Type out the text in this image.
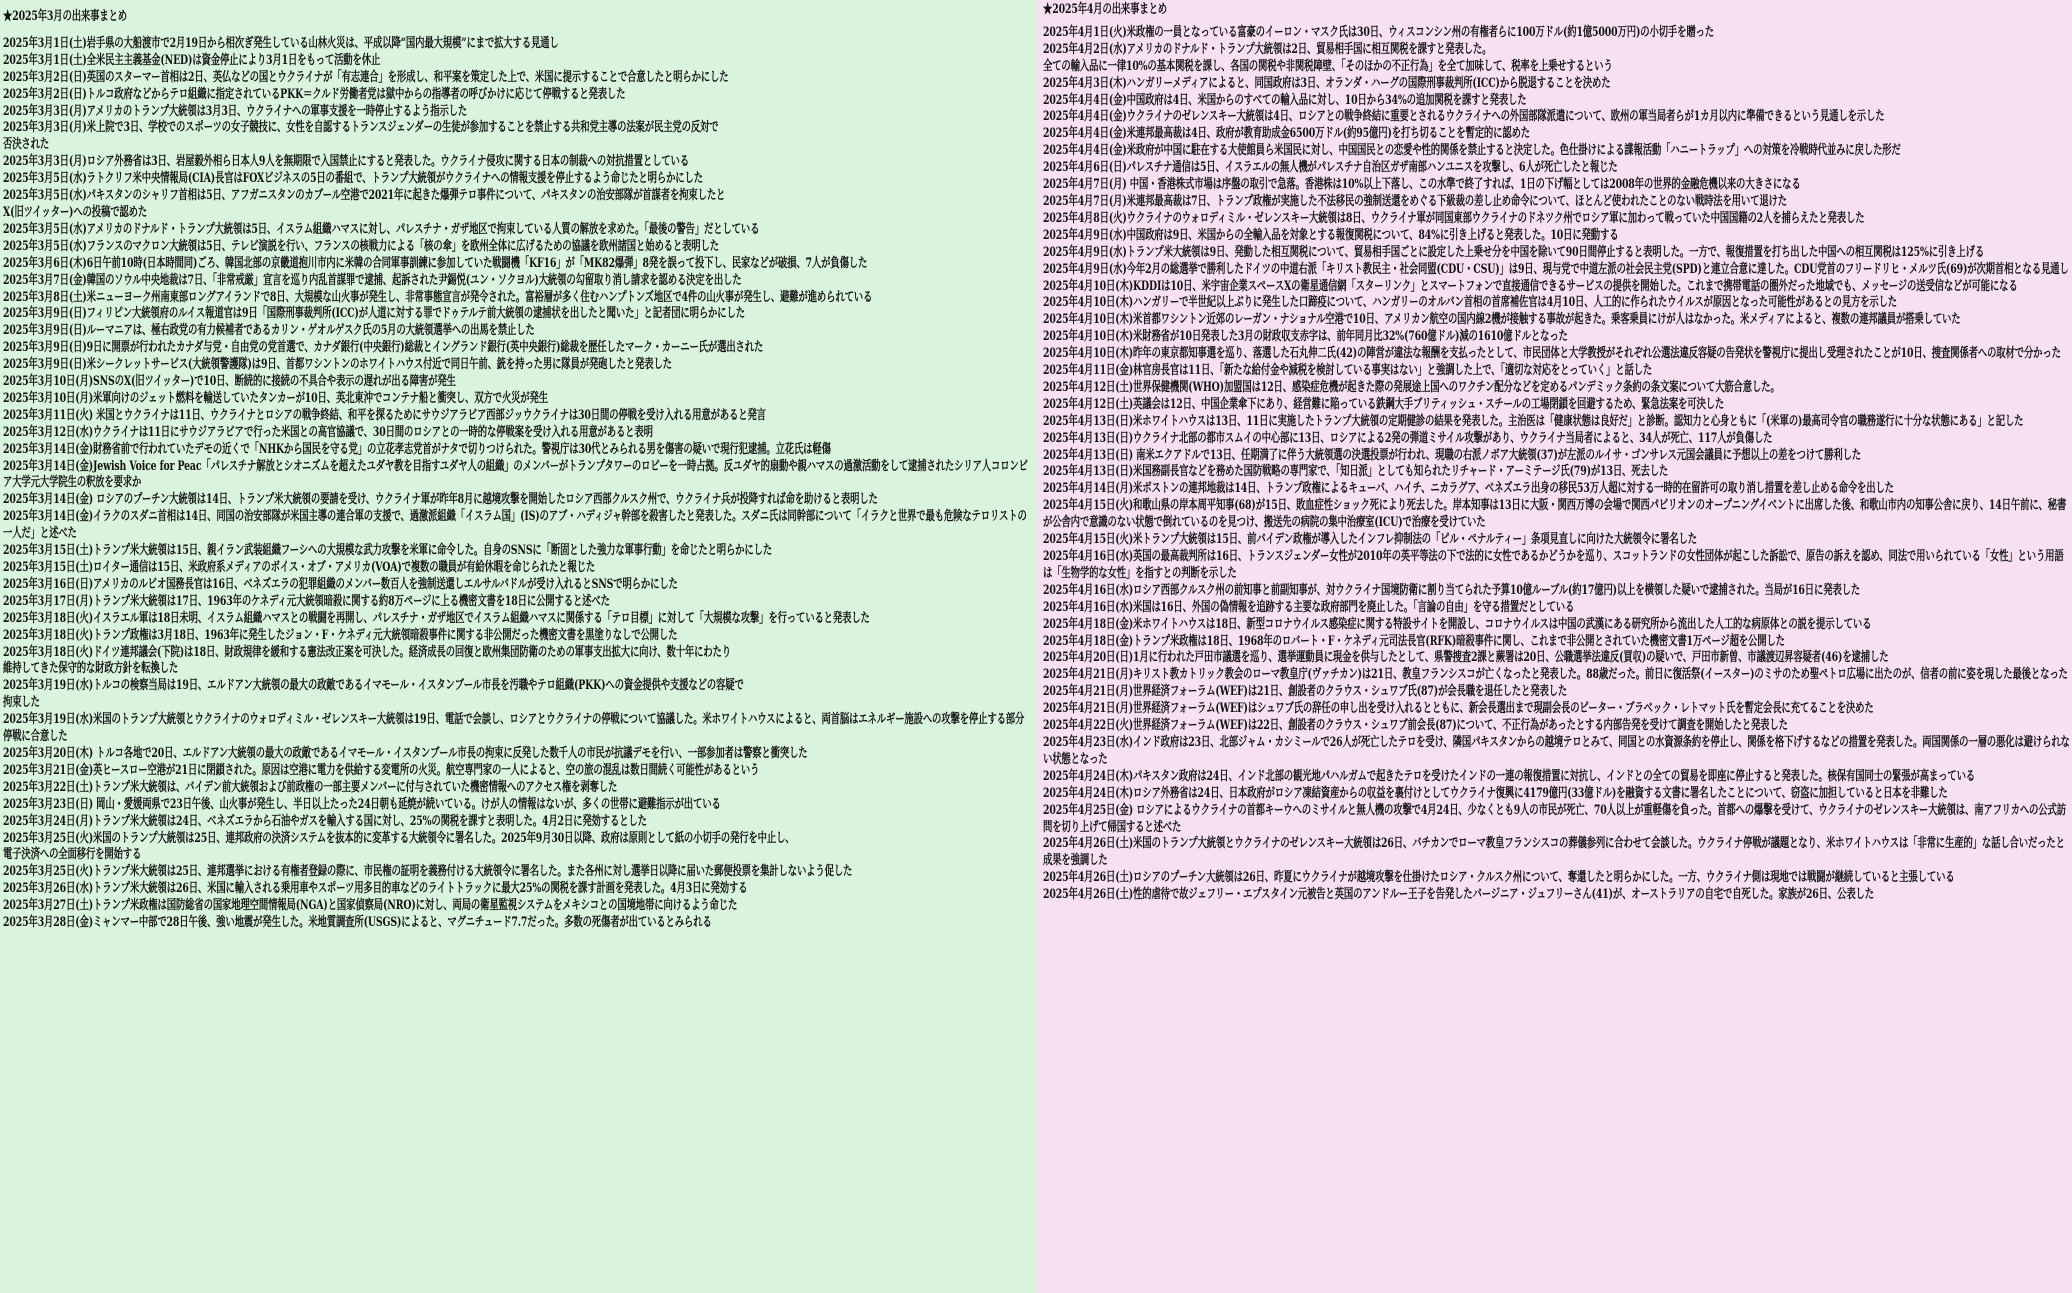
★2025年3月の出来事まとめ

2025年3月1日(土)岩手県の大船渡市で2月19日から相次ぎ発生している山林火災は、平成以降“国内最大規模”にまで拡大する見通し

2025年3月1日(土)全米民主主義基金(NED)は資金停止により3月1日をもって活動を休止

2025年3月2日(日)英国のスターマー首相は2日、英仏などの国とウクライナが「有志連合」を形成し、和平案を策定した上で、米国に提示することで合意したと明らかにした

2025年3月2日(日)トルコ政府などからテロ組織に指定されているPKK＝クルド労働者党は獄中からの指導者の呼びかけに応じて停戦すると発表した

2025年3月3日(月)アメリカのトランプ大統領は3月3日、ウクライナへの軍事支援を一時停止するよう指示した

2025年3月3日(月)米上院で3日、学校でのスポーツの女子競技に、女性を自認するトランスジェンダーの生徒が参加することを禁止する共和党主導の法案が民主党の反対で
否決された

2025年3月3日(月)ロシア外務省は3日、岩屋毅外相ら日本人9人を無期限で入国禁止にすると発表した。ウクライナ侵攻に関する日本の制裁への対抗措置としている

2025年3月5日(水)ラトクリフ米中央情報局(CIA)長官はFOXビジネスの5日の番組で、トランプ大統領がウクライナへの情報支援を停止するよう命じたと明らかにした

2025年3月5日(水)パキスタンのシャリフ首相は5日、アフガニスタンのカブール空港で2021年に起きた爆弾テロ事件について、パキスタンの治安部隊が首謀者を拘束したと
X(旧ツイッター)への投稿で認めた

2025年3月5日(水)アメリカのドナルド・トランプ大統領は5日、イスラム組織ハマスに対し、パレスチナ・ガザ地区で拘束している人質の解放を求めた。「最後の警告」だとしている

2025年3月5日(水)フランスのマクロン大統領は5日、テレビ演説を行い、フランスの核戦力による「核の傘」を欧州全体に広げるための協議を欧州諸国と始めると表明した

2025年3月6日(木)6日午前10時(日本時間同)ごろ、韓国北部の京畿道抱川市内に米韓の合同軍事訓練に参加していた戦闘機「KF16」が「MK82爆弾」8発を誤って投下し、民家などが破損、7人が負傷した

2025年3月7日(金)韓国のソウル中央地裁は7日、「非常戒厳」宣言を巡り内乱首謀罪で逮捕、起訴された尹錫悦(ユン・ソクヨル)大統領の勾留取り消し請求を認める決定を出した

2025年3月8日(土)米ニューヨーク州南東部ロングアイランドで8日、大規模な山火事が発生し、非常事態宣言が発令された。富裕層が多く住むハンプトンズ地区で4件の山火事が発生し、避難が進められている

2025年3月9日(日)フィリピン大統領府のルイス報道官は9日「国際刑事裁判所(ICC)が人道に対する罪でドゥテルテ前大統領の逮捕状を出したと聞いた」と記者団に明らかにした

2025年3月9日(日)ルーマニアは、極右政党の有力候補者であるカリン・ゲオルゲスク氏の5月の大統領選挙への出馬を禁止した

2025年3月9日(日)9日に開票が行われたカナダ与党・自由党の党首選で、カナダ銀行(中央銀行)総裁とイングランド銀行(英中央銀行)総裁を歴任したマーク・カーニー氏が選出された

2025年3月9日(日)米シークレットサービス(大統領警護隊)は9日、首都ワシントンのホワイトハウス付近で同日午前、銃を持った男に隊員が発砲したと発表した

2025年3月10日(月)SNSのX(旧ツイッター)で10日、断続的に接続の不具合や表示の遅れが出る障害が発生

2025年3月10日(月)米軍向けのジェット燃料を輸送していたタンカーが10日、英北東沖でコンテナ船と衝突し、双方で火災が発生

2025年3月11日(火) 米国とウクライナは11日、ウクライナとロシアの戦争終結、和平を探るためにサウジアラビア西部ジッウクライナは30日間の停戦を受け入れる用意があると発言

2025年3月12日(水)ウクライナは11日にサウジアラビアで行った米国との高官協議で、30日間のロシアとの一時的な停戦案を受け入れる用意があると表明

2025年3月14日(金)財務省前で行われていたデモの近くで「NHKから国民を守る党」の立花孝志党首がナタで切りつけられた。警視庁は30代とみられる男を傷害の疑いで現行犯逮捕。立花氏は軽傷

2025年3月14日(金)Jewish Voice for Peac「パレスチナ解放とシオニズムを超えたユダヤ教を目指すユダヤ人の組織」のメンバーがトランプタワーのロビーを一時占拠。反ユダヤ的扇動や親ハマスの過激活動をして逮捕されたシリア人コロンビア大学元大学院生の釈放を要求か

2025年3月14日(金) ロシアのプーチン大統領は14日、トランプ米大統領の要請を受け、ウクライナ軍が昨年8月に越境攻撃を開始したロシア西部クルスク州で、ウクライナ兵が投降すれば命を助けると表明した

2025年3月14日(金)イラクのスダニ首相は14日、同国の治安部隊が米国主導の連合軍の支援で、過激派組織「イスラム国」(IS)のアブ・ハディジャ幹部を殺害したと発表した。スダニ氏は同幹部について「イラクと世界で最も危険なテロリストの一人だ」と述べた

2025年3月15日(土)トランプ米大統領は15日、親イラン武装組織フーシへの大規模な武力攻撃を米軍に命令した。自身のSNSに「断固とした強力な軍事行動」を命じたと明らかにした

2025年3月15日(土)ロイター通信は15日、米政府系メディアのボイス・オブ・アメリカ(VOA)で複数の職員が有給休暇を命じられたと報じた

2025年3月16日(日)アメリカのルビオ国務長官は16日、ベネズエラの犯罪組織のメンバー数百人を強制送還しエルサルバドルが受け入れるとSNSで明らかにした

2025年3月17日(月)トランプ米大統領は17日、1963年のケネディ元大統領暗殺に関する約8万ページに上る機密文書を18日に公開すると述べた

2025年3月18日(火)イスラエル軍は18日未明、イスラム組織ハマスとの戦闘を再開し、パレスチナ・ガザ地区でイスラム組織ハマスに関係する「テロ目標」に対して「大規模な攻撃」を行っていると発表した

2025年3月18日(火)トランプ政権は3月18日、1963年に発生したジョン・F・ケネディ元大統領暗殺事件に関する非公開だった機密文書を黒塗りなしで公開した

2025年3月18日(火)ドイツ連邦議会(下院)は18日、財政規律を緩和する憲法改正案を可決した。経済成長の回復と欧州集団防衛のための軍事支出拡大に向け、数十年にわたり
維持してきた保守的な財政方針を転換した

2025年3月19日(水)トルコの検察当局は19日、エルドアン大統領の最大の政敵であるイマモール・イスタンブール市長を汚職やテロ組織(PKK)への資金提供や支援などの容疑で
拘束した

2025年3月19日(水)米国のトランプ大統領とウクライナのウォロディミル・ゼレンスキー大統領は19日、電話で会談し、ロシアとウクライナの停戦について協議した。米ホワイトハウスによると、両首脳はエネルギー施設への攻撃を停止する部分停戦に合意した

2025年3月20日(木) トルコ各地で20日、エルドアン大統領の最大の政敵であるイマモール・イスタンブール市長の拘束に反発した数千人の市民が抗議デモを行い、一部参加者は警察と衝突した

2025年3月21日(金)英ヒースロー空港が21日に閉鎖された。原因は空港に電力を供給する変電所の火災。航空専門家の一人によると、空の旅の混乱は数日間続く可能性があるという

2025年3月22日(土)トランプ米大統領は、バイデン前大統領および前政権の一部主要メンバーに付与されていた機密情報へのアクセス権を剥奪した

2025年3月23日(日) 岡山・愛媛両県で23日午後、山火事が発生し、半日以上たった24日朝も延焼が続いている。けが人の情報はないが、多くの世帯に避難指示が出ている

2025年3月24日(月)トランプ米大統領は24日、ベネズエラから石油やガスを輸入する国に対し、25%の関税を課すと表明した。4月2日に発効するとした

2025年3月25日(火)米国のトランプ大統領は25日、連邦政府の決済システムを抜本的に変革する大統領令に署名した。2025年9月30日以降、政府は原則として紙の小切手の発行を中止し、
電子決済への全面移行を開始する

2025年3月25日(火)トランプ米大統領は25日、連邦選挙における有権者登録の際に、市民権の証明を義務付ける大統領令に署名した。また各州に対し選挙日以降に届いた郵便投票を集計しないよう促した

2025年3月26日(水)トランプ米大統領は26日、米国に輸入される乗用車やスポーツ用多目的車などのライトトラックに最大25%の関税を課す計画を発表した。4月3日に発効する

2025年3月27日(土)トランプ米政権は国防総省の国家地理空間情報局(NGA)と国家偵察局(NRO)に対し、両局の衛星監視システムをメキシコとの国境地帯に向けるよう命じた

2025年3月28日(金)ミャンマー中部で28日午後、強い地震が発生した。米地質調査所(USGS)によると、マグニチュード7.7だった。多数の死傷者が出ているとみられる

★2025年4月の出来事まとめ

2025年4月1日(火)米政権の一員となっている富豪のイーロン・マスク氏は30日、ウィスコンシン州の有権者らに100万ドル(約1億5000万円)の小切手を贈った

2025年4月2日(水)アメリカのドナルド・トランプ大統領は2日、貿易相手国に相互関税を課すと発表した。

全ての輸入品に一律10%の基本関税を課し、各国の関税や非関税障壁、「そのほかの不正行為」を全て加味して、税率を上乗せするという

2025年4月3日(木)ハンガリーメディアによると、同国政府は3日、オランダ・ハーグの国際刑事裁判所(ICC)から脱退することを決めた

2025年4月4日(金)中国政府は4日、米国からのすべての輸入品に対し、10日から34%の追加関税を課すと発表した

2025年4月4日(金)ウクライナのゼレンスキー大統領は4日、ロシアとの戦争終結に重要とされるウクライナへの外国部隊派遣について、欧州の軍当局者らが1カ月以内に準備できるという見通しを示した

2025年4月4日(金)米連邦最高裁は4日、政府が教育助成金6500万ドル(約95億円)を打ち切ることを暫定的に認めた

2025年4月4日(金)米政府が中国に駐在する大使館員ら米国民に対し、中国国民との恋愛や性的関係を禁止すると決定した。色仕掛けによる諜報活動「ハニートラップ」への対策を冷戦時代並みに戻した形だ

2025年4月6日(日)パレスチナ通信は5日、イスラエルの無人機がパレスチナ自治区ガザ南部ハンユニスを攻撃し、6人が死亡したと報じた

2025年4月7日(月) 中国・香港株式市場は序盤の取引で急落。香港株は10%以上下落し、この水準で終了すれば、1日の下げ幅としては2008年の世界的金融危機以来の大きさになる

2025年4月7日(月)米連邦最高裁は7日、トランプ政権が実施した不法移民の強制送還をめぐる下級裁の差し止め命令について、ほとんど使われたことのない戦時法を用いて退けた

2025年4月8日(火)ウクライナのウォロディミル・ゼレンスキー大統領は8日、ウクライナ軍が同国東部ウクライナのドネツク州でロシア軍に加わって戦っていた中国国籍の2人を捕らえたと発表した

2025年4月9日(水)中国政府は9日、米国からの全輸入品を対象とする報復関税について、84%に引き上げると発表した。10日に発動する

2025年4月9日(水)トランプ米大統領は9日、発動した相互関税について、貿易相手国ごとに設定した上乗せ分を中国を除いて90日間停止すると表明した。一方で、報復措置を打ち出した中国への相互関税は125%に引き上げる

2025年4月9日(水)今年2月の総選挙で勝利したドイツの中道右派「キリスト教民主・社会同盟(CDU・CSU)」は9日、現与党で中道左派の社会民主党(SPD)と連立合意に達した。CDU党首のフリードリヒ・メルツ氏(69)が次期首相となる見通し

2025年4月10日(木)KDDIは10日、米宇宙企業スペースXの衛星通信網「スターリンク」とスマートフォンで直接通信できるサービスの提供を開始した。これまで携帯電話の圏外だった地域でも、メッセージの送受信などが可能になる

2025年4月10日(木)ハンガリーで半世紀以上ぶりに発生した口蹄疫について、ハンガリーのオルバン首相の首席補佐官は4月10日、人工的に作られたウイルスが原因となった可能性があるとの見方を示した

2025年4月10日(木)米首都ワシントン近郊のレーガン・ナショナル空港で10日、アメリカン航空の国内線2機が接触する事故が起きた。乗客乗員にけが人はなかった。米メディアによると、複数の連邦議員が搭乗していた

2025年4月10日(木)米財務省が10日発表した3月の財政収支赤字は、前年同月比32%(760億ドル)減の1610億ドルとなった

2025年4月10日(木)昨年の東京都知事選を巡り、落選した石丸伸二氏(42)の陣営が違法な報酬を支払ったとして、市民団体と大学教授がそれぞれ公選法違反容疑の告発状を警視庁に提出し受理されたことが10日、捜査関係者への取材で分かった

2025年4月11日(金)林官房長官は11日、「新たな給付金や減税を検討している事実はない」と強調した上で、「適切な対応をとっていく」と話した

2025年4月12日(土)世界保健機関(WHO)加盟国は12日、感染症危機が起きた際の発展途上国へのワクチン配分などを定めるパンデミック条約の条文案について大筋合意した。

2025年4月12日(土)英議会は12日、中国企業傘下にあり、経営難に陥っている鉄鋼大手ブリティッシュ・スチールの工場閉鎖を回避するため、緊急法案を可決した

2025年4月13日(日)米ホワイトハウスは13日、11日に実施したトランプ大統領の定期健診の結果を発表した。主治医は「健康状態は良好だ」と診断。認知力と心身ともに「(米軍の)最高司令官の職務遂行に十分な状態にある」と記した

2025年4月13日(日)ウクライナ北部の都市スムイの中心部に13日、ロシアによる2発の弾道ミサイル攻撃があり、ウクライナ当局者によると、34人が死亡、117人が負傷した

2025年4月13日(日) 南米エクアドルで13日、任期満了に伴う大統領選の決選投票が行われ、現職の右派ノボア大統領(37)が左派のルイサ・ゴンサレス元国会議員に予想以上の差をつけて勝利した

2025年4月13日(日)米国務副長官などを務めた国防戦略の専門家で、「知日派」としても知られたリチャード・アーミテージ氏(79)が13日、死去した

2025年4月14日(月)米ボストンの連邦地裁は14日、トランプ政権によるキューバ、ハイチ、ニカラグア、ベネズエラ出身の移民53万人超に対する一時的在留許可の取り消し措置を差し止める命令を出した

2025年4月15日(火)和歌山県の岸本周平知事(68)が15日、敗血症性ショック死により死去した。岸本知事は13日に大阪・関西万博の会場で関西パビリオンのオープニングイベントに出席した後、和歌山市内の知事公舎に戻り、14日午前に、秘書が公舎内で意識のない状態で倒れているのを見つけ、搬送先の病院の集中治療室(ICU)で治療を受けていた

2025年4月15日(火)米トランプ大統領は15日、前バイデン政権が導入したインフレ抑制法の「ピル・ペナルティー」条項見直しに向けた大統領令に署名した

2025年4月16日(水)英国の最高裁判所は16日、トランスジェンダー女性が2010年の英平等法の下で法的に女性であるかどうかを巡り、スコットランドの女性団体が起こした訴訟で、原告の訴えを認め、同法で用いられている「女性」という用語は「生物学的な女性」を指すとの判断を示した

2025年4月16日(水)ロシア西部クルスク州の前知事と前副知事が、対ウクライナ国境防衛に割り当てられた予算10億ルーブル(約17億円)以上を横領した疑いで逮捕された。当局が16日に発表した

2025年4月16日(水)米国は16日、外国の偽情報を追跡する主要な政府部門を廃止した。「言論の自由」を守る措置だとしている

2025年4月18日(金)米ホワイトハウスは18日、新型コロナウイルス感染症に関する特設サイトを開設し、コロナウイルスは中国の武漢にある研究所から流出した人工的な病原体との説を提示している

2025年4月18日(金)トランプ米政権は18日、1968年のロバート・F・ケネディ元司法長官(RFK)暗殺事件に関し、これまで非公開とされていた機密文書1万ページ超を公開した

2025年4月20日(日)1月に行われた戸田市議選を巡り、選挙運動員に現金を供与したとして、県警捜査2課と蕨署は20日、公職選挙法違反(買収)の疑いで、戸田市新曽、市議渡辺昇容疑者(46)を逮捕した

2025年4月21日(月)キリスト教カトリック教会のローマ教皇庁(ヴァチカン)は21日、教皇フランシスコが亡くなったと発表した。88歳だった。前日に復活祭(イースター)のミサのため聖ペトロ広場に出たのが、信者の前に姿を現した最後となった

2025年4月21日(月)世界経済フォーラム(WEF)は21日、創設者のクラウス・シュワブ氏(87)が会長職を退任したと発表した

2025年4月21日(月)世界経済フォーラム(WEF)はシュワブ氏の辞任の申し出を受け入れるとともに、新会長選出まで現副会長のピーター・ブラベック・レトマット氏を暫定会長に充てることを決めた

2025年4月22日(火)世界経済フォーラム(WEF)は22日、創設者のクラウス・シュワブ前会長(87)について、不正行為があったとする内部告発を受けて調査を開始したと発表した

2025年4月23日(水)インド政府は23日、北部ジャム・カシミールで26人が死亡したテロを受け、隣国パキスタンからの越境テロとみて、同国との水資源条約を停止し、関係を格下げするなどの措置を発表した。両国関係の一層の悪化は避けられない状態となった

2025年4月24日(木)パキスタン政府は24日、インド北部の観光地パハルガムで起きたテロを受けたインドの一連の報復措置に対抗し、インドとの全ての貿易を即座に停止すると発表した。核保有国同士の緊張が高まっている

2025年4月24日(木)ロシア外務省は24日、日本政府がロシア凍結資産からの収益を裏付けとしてウクライナ復興に4179億円(33億ドル)を融資する文書に署名したことについて、窃盗に加担していると日本を非難した

2025年4月25日(金) ロシアによるウクライナの首都キーウへのミサイルと無人機の攻撃で4月24日、少なくとも9人の市民が死亡、70人以上が重軽傷を負った。首都への爆撃を受けて、ウクライナのゼレンスキー大統領は、南アフリカへの公式訪問を切り上げて帰国すると述べた

2025年4月26日(土)米国のトランプ大統領とウクライナのゼレンスキー大統領は26日、バチカンでローマ教皇フランシスコの葬儀参列に合わせて会談した。ウクライナ停戦が議題となり、米ホワイトハウスは「非常に生産的」な話し合いだったと成果を強調した

2025年4月26日(土)ロシアのプーチン大統領は26日、昨夏にウクライナが越境攻撃を仕掛けたロシア・クルスク州について、奪還したと明らかにした。一方、ウクライナ側は現地では戦闘が継続していると主張している

2025年4月26日(土)性的虐待で故ジェフリー・エプスタイン元被告と英国のアンドルー王子を告発したバージニア・ジュフリーさん(41)が、オーストラリアの自宅で自死した。家族が26日、公表した
